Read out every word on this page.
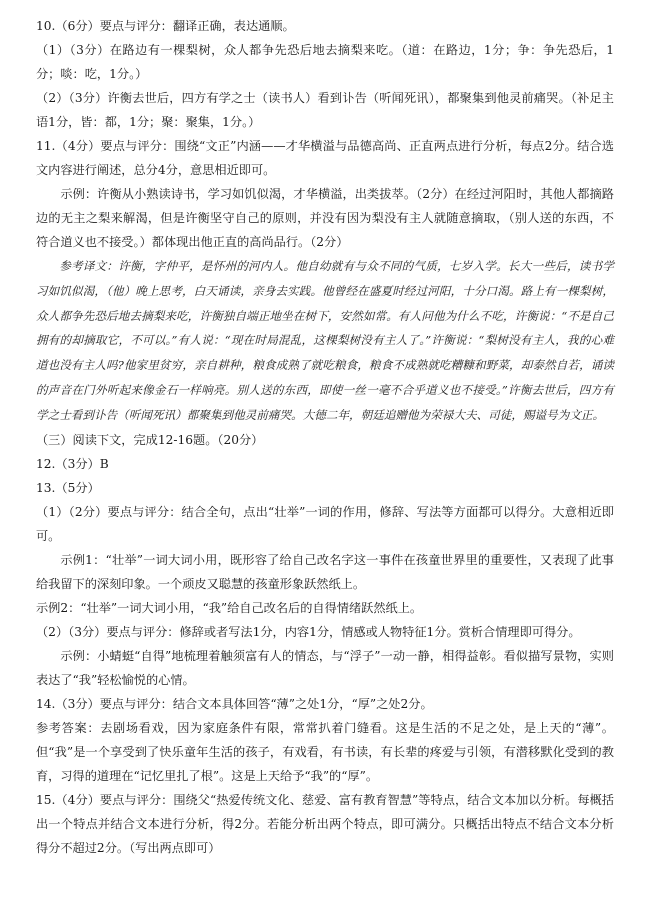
10.（6分）要点与评分：翻译正确，表达通顺。

（1）（3分）在路边有一棵梨树，众人都争先恐后地去摘梨来吃。（道：在路边，1分；争：争先恐后，1分；啖：吃，1分。）

（2）（3分）许衡去世后，四方有学之士（读书人）看到讣告（听闻死讯），都聚集到他灵前痛哭。（补足主语1分，皆：都，1分；聚：聚集，1分。）

11.（4分）要点与评分：围绕“文正”内涵——才华横溢与品德高尚、正直两点进行分析，每点2分。结合选文内容进行阐述，总分4分，意思相近即可。

示例：许衡从小熟读诗书，学习如饥似渴，才华横溢，出类拔萃。（2分）在经过河阳时，其他人都摘路边的无主之梨来解渴，但是许衡坚守自己的原则，并没有因为梨没有主人就随意摘取，（别人送的东西，不符合道义也不接受。）都体现出他正直的高尚品行。（2分）

参考译文：许衡，字仲平，是怀州的河内人。他自幼就有与众不同的气质，七岁入学。长大一些后，读书学习如饥似渴，（他）晚上思考，白天诵读，亲身去实践。他曾经在盛夏时经过河阳，十分口渴。路上有一棵梨树，众人都争先恐后地去摘梨来吃，许衡独自端正地坐在树下，安然如常。有人问他为什么不吃，许衡说：“不是自己拥有的却摘取它，不可以。”有人说：“现在时局混乱，这棵梨树没有主人了。”许衡说：“梨树没有主人，我的心难道也没有主人吗?他家里贫穷，亲自耕种，粮食成熟了就吃粮食，粮食不成熟就吃糟糠和野菜，却泰然自若，诵读的声音在门外听起来像金石一样响亮。别人送的东西，即使一丝一毫不合乎道义也不接受。”许衡去世后，四方有学之士看到讣告（听闻死讯）都聚集到他灵前痛哭。大德二年，朝廷追赠他为荣禄大夫、司徒，赐谥号为文正。

（三）阅读下文，完成12-16题。（20分）

12.（3分）B

13.（5分）

（1）（2分）要点与评分：结合全句，点出“壮举”一词的作用，修辞、写法等方面都可以得分。大意相近即可。

示例1：“壮举”一词大词小用，既形容了给自己改名字这一事件在孩童世界里的重要性，又表现了此事给我留下的深刻印象。一个顽皮又聪慧的孩童形象跃然纸上。

示例2：“壮举”一词大词小用，“我”给自己改名后的自得情绪跃然纸上。

（2）（3分）要点与评分：修辞或者写法1分，内容1分，情感或人物特征1分。赏析合情理即可得分。

示例：小蜻蜓“自得”地梳理着触须富有人的情态，与“浮子”一动一静，相得益彰。看似描写景物，实则表达了“我”轻松愉悦的心情。

14.（3分）要点与评分：结合文本具体回答“薄”之处1分，“厚”之处2分。

参考答案：去剧场看戏，因为家庭条件有限，常常扒着门缝看。这是生活的不足之处，是上天的“薄”。但“我”是一个享受到了快乐童年生活的孩子，有戏看，有书读，有长辈的疼爱与引领，有潜移默化受到的教育，习得的道理在“记忆里扎了根”。这是上天给予“我”的“厚”。

15.（4分）要点与评分：围绕父“热爱传统文化、慈爱、富有教育智慧”等特点，结合文本加以分析。每概括出一个特点并结合文本进行分析，得2分。若能分析出两个特点，即可满分。只概括出特点不结合文本分析得分不超过2分。（写出两点即可）
